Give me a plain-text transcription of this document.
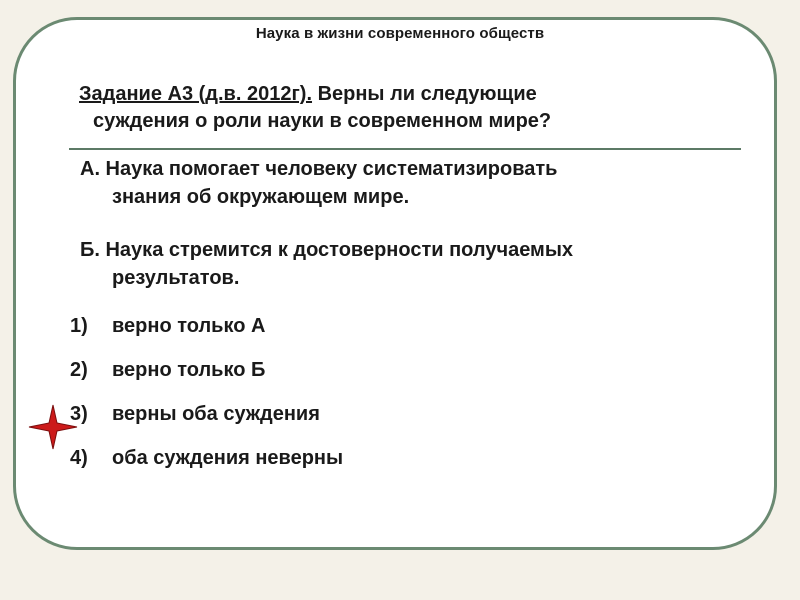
Наука в жизни современного обществ
Задание А3 (д.в. 2012г). Верны ли следующие
суждения о роли науки в современном мире?
А. Наука помогает человеку систематизировать
знания об окружающем мире.
Б. Наука стремится к достоверности получаемых
результатов.
1)	верно только А
2)	верно только Б
3)	верны оба суждения
4)	оба суждения неверны
